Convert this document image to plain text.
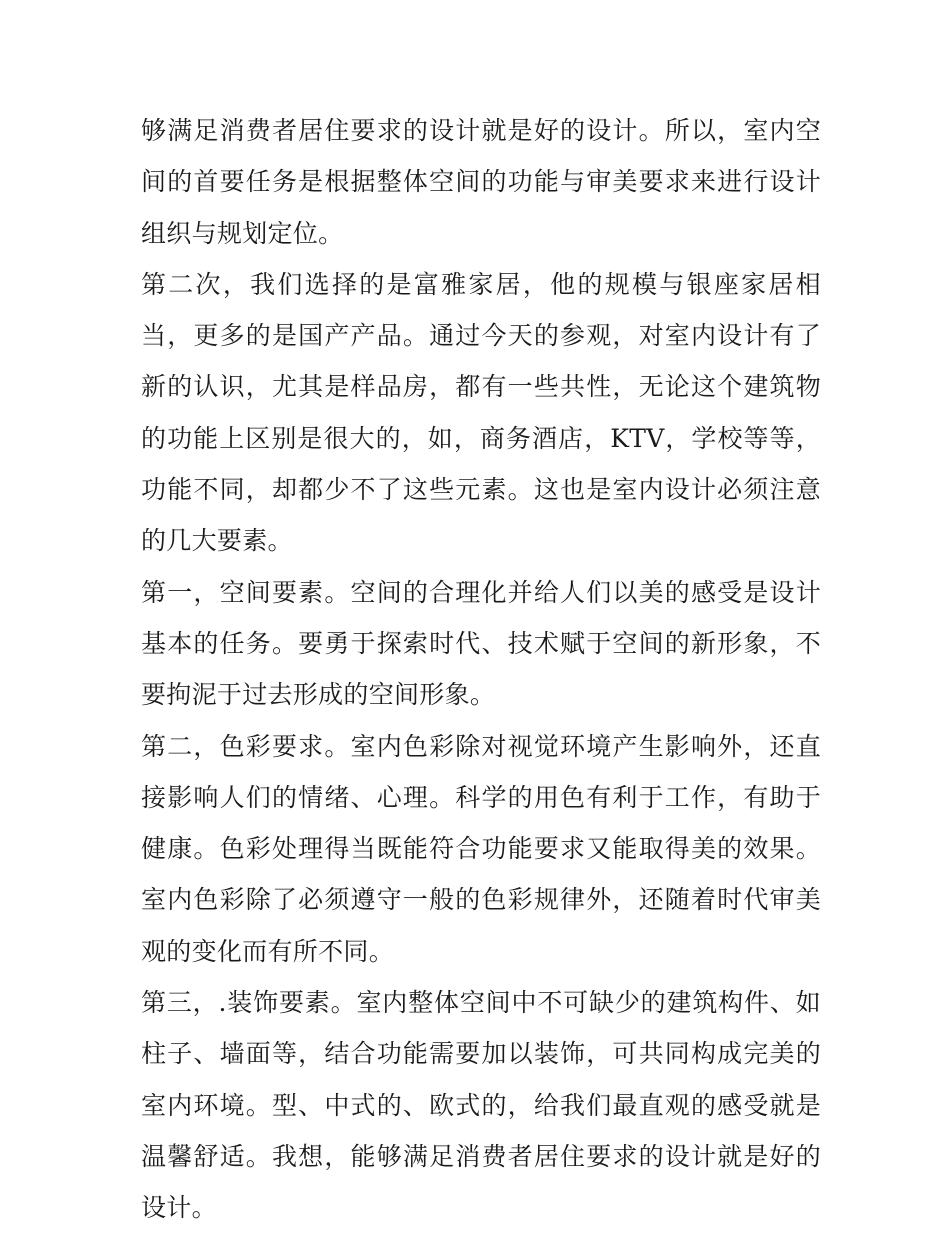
够满足消费者居住要求的设计就是好的设计。所以，室内空间的首要任务是根据整体空间的功能与审美要求来进行设计组织与规划定位。

第二次，我们选择的是富雅家居，他的规模与银座家居相当，更多的是国产产品。通过今天的参观，对室内设计有了新的认识，尤其是样品房，都有一些共性，无论这个建筑物的功能上区别是很大的，如，商务酒店，KTV，学校等等，功能不同，却都少不了这些元素。这也是室内设计必须注意的几大要素。

第一，空间要素。空间的合理化并给人们以美的感受是设计基本的任务。要勇于探索时代、技术赋于空间的新形象，不要拘泥于过去形成的空间形象。

第二，色彩要求。室内色彩除对视觉环境产生影响外，还直接影响人们的情绪、心理。科学的用色有利于工作，有助于健康。色彩处理得当既能符合功能要求又能取得美的效果。室内色彩除了必须遵守一般的色彩规律外，还随着时代审美观的变化而有所不同。

第三，.装饰要素。室内整体空间中不可缺少的建筑构件、如柱子、墙面等，结合功能需要加以装饰，可共同构成完美的室内环境。型、中式的、欧式的，给我们最直观的感受就是温馨舒适。我想，能够满足消费者居住要求的设计就是好的设计。
